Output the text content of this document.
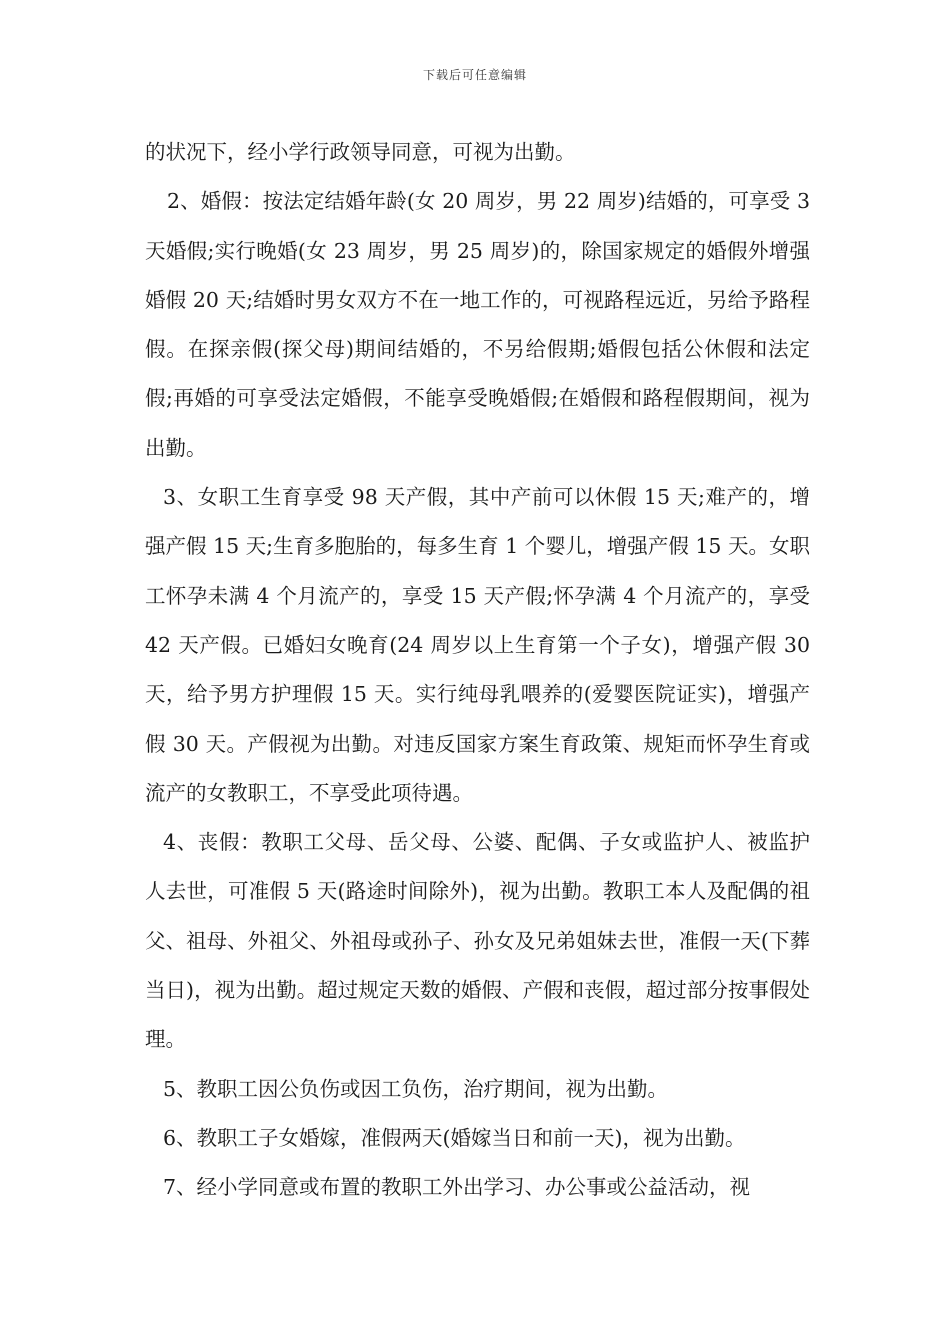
下载后可任意编辑

的状况下，经小学行政领导同意，可视为出勤。

2、婚假：按法定结婚年龄(女 20 周岁，男 22 周岁)结婚的，可享受 3　天婚假;实行晚婚(女 23 周岁，男 25 周岁)的，除国家规定的婚假外增强婚假 20 天;结婚时男女双方不在一地工作的，可视路程远近，另给予路程假。在探亲假(探父母)期间结婚的，不另给假期;婚假包括公休假和法定假;再婚的可享受法定婚假，不能享受晚婚假;在婚假和路程假期间，视为出勤。

3、女职工生育享受 98 天产假，其中产前可以休假 15 天;难产的，增强产假 15 天;生育多胞胎的，每多生育 1 个婴儿，增强产假 15 天。女职工怀孕未满 4 个月流产的，享受 15 天产假;怀孕满 4 个月流产的，享受 42 天产假。已婚妇女晚育(24 周岁以上生育第一个子女)，增强产假 30 天，给予男方护理假 15 天。实行纯母乳喂养的(爱婴医院证实)，增强产假 30 天。产假视为出勤。对违反国家方案生育政策、规矩而怀孕生育或流产的女教职工，不享受此项待遇。

4、丧假：教职工父母、岳父母、公婆、配偶、子女或监护人、被监护人去世，可准假 5 天(路途时间除外)，视为出勤。教职工本人及配偶的祖父、祖母、外祖父、外祖母或孙子、孙女及兄弟姐妹去世，准假一天(下葬当日)，视为出勤。超过规定天数的婚假、产假和丧假，超过部分按事假处理。

5、教职工因公负伤或因工负伤，治疗期间，视为出勤。

6、教职工子女婚嫁，准假两天(婚嫁当日和前一天)，视为出勤。

7、经小学同意或布置的教职工外出学习、办公事或公益活动，视
